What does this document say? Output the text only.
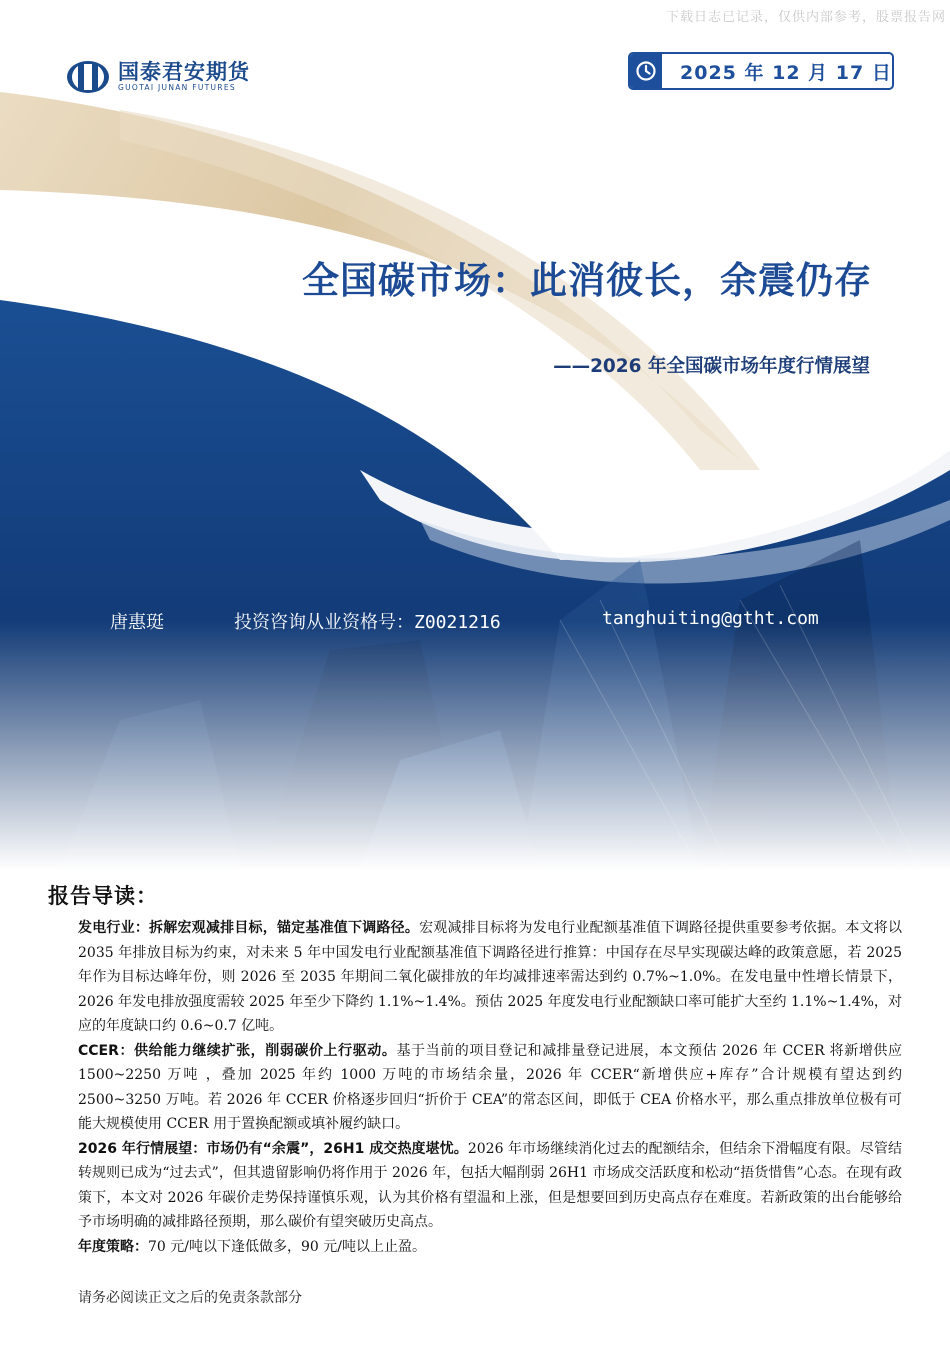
下载日志已记录，仅供内部参考，股票报告网
国泰君安期货
GUOTAI JUNAN FUTURES
2025 年 12 月 17 日
全国碳市场：此消彼长，余震仍存
——2026 年全国碳市场年度行情展望
唐惠珽	投资咨询从业资格号：Z0021216	tanghuiting@gtht.com
报告导读：

发电行业：拆解宏观减排目标，锚定基准值下调路径。宏观减排目标将为发电行业配额基准值下调路径提供重要参考依据。本文将以 2035 年排放目标为约束，对未来 5 年中国发电行业配额基准值下调路径进行推算：中国存在尽早实现碳达峰的政策意愿，若 2025 年作为目标达峰年份，则 2026 至 2035 年期间二氧化碳排放的年均减排速率需达到约 0.7%~1.0%。在发电量中性增长情景下，2026 年发电排放强度需较 2025 年至少下降约 1.1%~1.4%。预估 2025 年度发电行业配额缺口率可能扩大至约 1.1%~1.4%，对应的年度缺口约 0.6~0.7 亿吨。

CCER：供给能力继续扩张，削弱碳价上行驱动。基于当前的项目登记和减排量登记进展，本文预估 2026 年 CCER 将新增供应 1500~2250 万吨 ，叠加 2025 年约 1000 万吨的市场结余量，2026 年 CCER“新增供应+库存”合计规模有望达到约 2500~3250 万吨。若 2026 年 CCER 价格逐步回归“折价于 CEA”的常态区间，即低于 CEA 价格水平，那么重点排放单位极有可能大规模使用 CCER 用于置换配额或填补履约缺口。

2026 年行情展望：市场仍有“余震”，26H1 成交热度堪忧。2026 年市场继续消化过去的配额结余，但结余下滑幅度有限。尽管结转规则已成为“过去式”，但其遗留影响仍将作用于 2026 年，包括大幅削弱 26H1 市场成交活跃度和松动“捂货惜售”心态。在现有政策下，本文对 2026 年碳价走势保持谨慎乐观，认为其价格有望温和上涨，但是想要回到历史高点存在难度。若新政策的出台能够给予市场明确的减排路径预期，那么碳价有望突破历史高点。

年度策略：70 元/吨以下逢低做多，90 元/吨以上止盈。

请务必阅读正文之后的免责条款部分
